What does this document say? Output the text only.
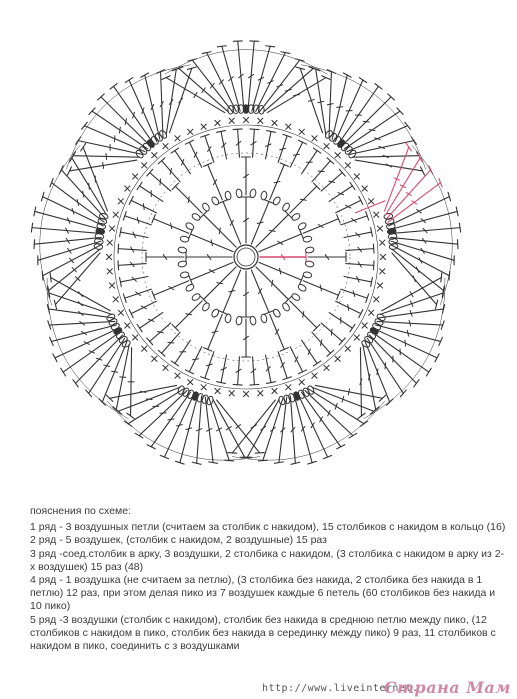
пояснения по схеме:
1 ряд - 3 воздушных петли (считаем за столбик с накидом), 15 столбиков с накидом в кольцо (16)
2 ряд - 5 воздушек, (столбик с накидом, 2 воздушные) 15 раз
3 ряд -соед.столбик в арку, 3 воздушки, 2 столбика с накидом, (3 столбика с накидом в арку из 2-х воздушек) 15 раз (48)
4 ряд - 1 воздушка (не считаем за петлю), (3 столбика без накида, 2 столбика без накида в 1 петлю) 12 раз, при этом делая пико из 7 воздушек каждые 6 петель (60 столбиков без накида и 10 пико)
5 ряд -3 воздушки (столбик с накидом), столбик без накида в среднюю петлю между пико, (12 столбиков с накидом в пико, столбик без накида в серединку между пико) 9 раз, 11 столбиков с накидом в пико, соединить с з воздушками
http://www.liveinternet.
Страна Мам
